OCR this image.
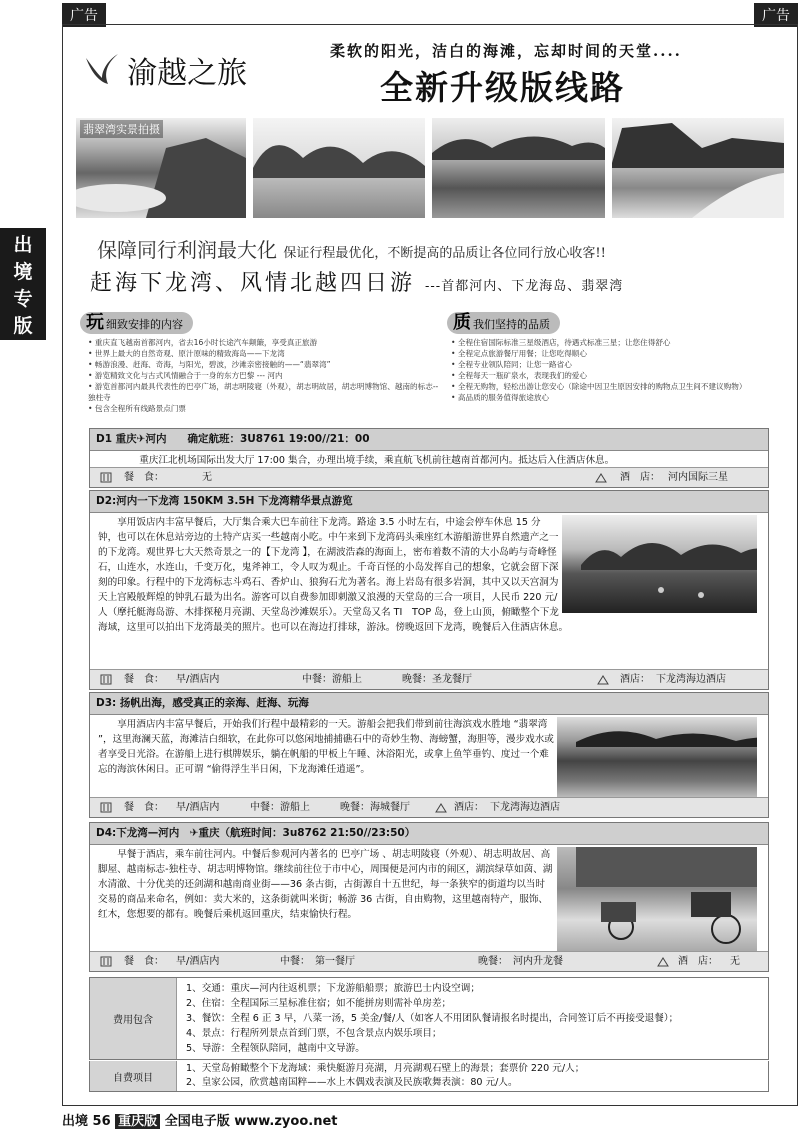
广告	广告
出境专版
渝越之旅
柔软的阳光，洁白的海滩，忘却时间的天堂....
全新升级版线路
翡翠湾实景拍摄
保障同行利润最大化 保证行程最优化，不断提高的品质让各位同行放心收客!!
赶海下龙湾、风情北越四日游 ---首都河内、下龙海岛、翡翠湾
玩细致安排的内容	质我们坚持的品质
• 重庆直飞越南首都河内，省去16小时长途汽车颠簸，享受真正旅游
• 世界上最大的自然奇观、原汁原味的精致海岛——下龙湾
• 畅游浪漫、赶海、奇海，与阳光，碧波，沙滩亲密接触的——“翡翠湾”
• 游览精致文化与古式风情融合于一身的东方巴黎 --- 河内
• 游览首都河内最具代表性的巴亭广场，胡志明陵寝（外观），胡志明故居，胡志明博物馆、越南的标志--独柱寺
• 包含全程所有线路景点门票
• 全程住宿国际标准三星级酒店，待遇式标准三星；让您住得舒心
• 全程定点旅游餐厅用餐；让您吃得顺心
• 全程专业领队陪同；让您一路省心
• 全程每天一瓶矿泉水，表现我们的爱心
• 全程无购物，轻松出游让您安心（除途中因卫生原因安排的购物点卫生间不建议购物）
• 高品质的服务值得旅途放心
D1 重庆✈河内　　确定航班：3U8761 19:00//21：00
重庆江北机场国际出发大厅 17:00 集合，办理出境手续，乘直航飞机前往越南首都河内。抵达后入住酒店休息。
餐　食：	无	酒　店： 河内国际三星
D2:河内一下龙湾 150KM 3.5H 下龙湾精华景点游览
享用饭店内丰富早餐后，大厅集合乘大巴车前往下龙湾。路途 3.5 小时左右，中途会停车休息 15 分钟，也可以在休息站旁边的土特产店买一些越南小吃。中午来到下龙湾码头乘座红木游船游世界自然遗产之一的下龙湾。观世界七大天然奇景之一的【下龙湾 】，在湖波浩森的海面上，密布着数不清的大小岛屿与奇峰怪石，山连水，水连山，千变万化，鬼斧神工，令人叹为观止。千奇百怪的小岛发挥自己的想象，它就会留下深刻的印象。行程中的下龙湾标志斗鸡石、香炉山、狼狗石尤为著名。海上岩岛有很多岩洞，其中又以天宫洞为天上宫殿般辉煌的钟乳石最为出名。游客可以自费参加即刺激又浪漫的天堂岛的三合一项目，人民币 220 元/人（摩托艇海岛游、木排探秘月亮湖、天堂岛沙滩娱乐）。天堂岛又名 TI　TOP 岛，登上山顶，俯瞰整个下龙海域，这里可以拍出下龙湾最美的照片。也可以在海边打排球，游泳。傍晚返回下龙湾，晚餐后入住酒店休息。
餐　食： 早/酒店内	中餐：游船上	晚餐：圣龙餐厅	酒店： 下龙湾海边酒店
D3: 扬帆出海，感受真正的亲海、赶海、玩海
享用酒店内丰富早餐后，开始我们行程中最精彩的一天。游船会把我们带到前往海滨戏水胜地 “翡翠湾 ”，这里海澜天蓝，海滩洁白细软，在此你可以悠闲地捕捕礁石中的奇妙生物、海螃蟹，海胆等，漫步戏水或者享受日光浴。在游船上进行棋牌娱乐，躺在帆船的甲板上午睡、沐浴阳光，或拿上鱼竿垂钓、度过一个难忘的海滨休闲日。正可谓 “偷得浮生半日闲，下龙海滩任逍遥”。
餐　食： 早/酒店内	中餐：游船上	晚餐：海城餐厅	酒店： 下龙湾海边酒店
D4:下龙湾—河内　✈重庆（航班时间：3u8762 21:50//23:50）
早餐于酒店，乘车前往河内。中餐后参观河内著名的 巴亭广场 、胡志明陵寝（外观）、胡志明故居、高脚屋、越南标志-独柱寺、胡志明博物馆。继续前往位于市中心，周围便是河内市的闹区，湖滨绿草如茵、湖水清澈、十分优美的还剑湖和越南商业街——36 条古街，古街源自十五世纪，每一条狭窄的街道均以当时交易的商品来命名，例如：卖大米的，这条街就叫米街；畅游 36 古街，自由购物，这里越南特产，服饰、红木，您想要的都有。晚餐后乘机返回重庆，结束愉快行程。
餐　食： 早/酒店内	中餐：　第一餐厅	晚餐：　河内升龙餐	酒　店： 无
费用包含
1、交通：重庆—河内往返机票；下龙游船船票；旅游巴士内设空调；
2、住宿：全程国际三星标准住宿；如不能拼房则需补单房差；
3、餐饮：全程 6 正 3 早，八菜一汤，5 美金/餐/人（如客人不用团队餐请报名时提出，合同签订后不再接受退餐）；
4、景点：行程所列景点首到门票，不包含景点内娱乐项目；
5、导游：全程领队陪同，越南中文导游。
自费项目
1、天堂岛俯瞰整个下龙海域：乘快艇游月亮湖，月亮湖观石壁上的海景；套票价 220 元/人；
2、皇家公园，欣赏越南国粹——水上木偶戏表演及民族歌舞表演：80 元/人。
出境 56 重庆版 全国电子版 www.zyoo.net
